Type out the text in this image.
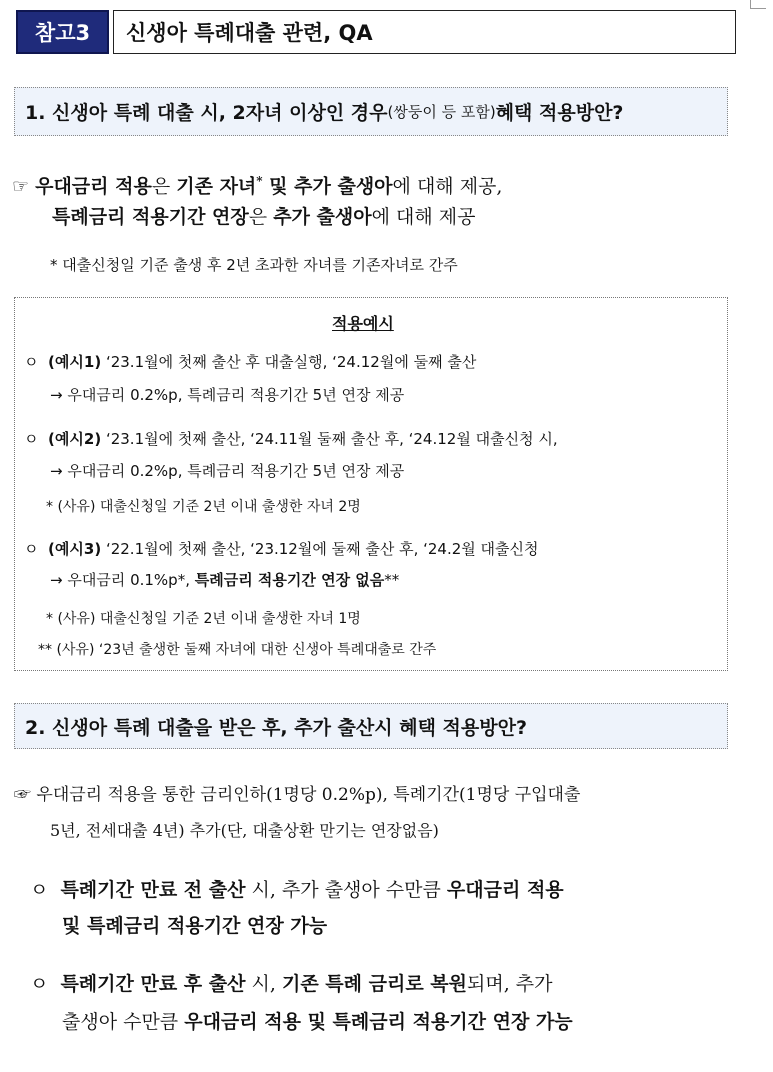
참고3	신생아 특례대출 관련, QA
1. 신생아 특례 대출 시, 2자녀 이상인 경우 (쌍둥이 등 포함) 혜택 적용방안?
☞ 우대금리 적용은 기존 자녀* 및 추가 출생아에 대해 제공,
특례금리 적용기간 연장은 추가 출생아에 대해 제공
* 대출신청일 기준 출생 후 2년 초과한 자녀를 기존자녀로 간주
적용예시
ㅇ (예시1) ‘23.1월에 첫째 출산 후 대출실행, ‘24.12월에 둘째 출산
→ 우대금리 0.2%p, 특례금리 적용기간 5년 연장 제공
ㅇ (예시2) ‘23.1월에 첫째 출산, ‘24.11월 둘째 출산 후, ‘24.12월 대출신청 시,
→ 우대금리 0.2%p, 특례금리 적용기간 5년 연장 제공
* (사유) 대출신청일 기준 2년 이내 출생한 자녀 2명
ㅇ (예시3) ‘22.1월에 첫째 출산, ‘23.12월에 둘째 출산 후, ‘24.2월 대출신청
→ 우대금리 0.1%p*, 특례금리 적용기간 연장 없음**
* (사유) 대출신청일 기준 2년 이내 출생한 자녀 1명
** (사유) ‘23년 출생한 둘째 자녀에 대한 신생아 특례대출로 간주
2. 신생아 특례 대출을 받은 후, 추가 출산시 혜택 적용방안?
☞ 우대금리 적용을 통한 금리인하(1명당 0.2%p), 특례기간(1명당 구입대출
5년, 전세대출 4년) 추가(단, 대출상환 만기는 연장없음)
ㅇ 특례기간 만료 전 출산 시, 추가 출생아 수만큼 우대금리 적용
및 특례금리 적용기간 연장 가능
ㅇ 특례기간 만료 후 출산 시, 기존 특례 금리로 복원되며, 추가
출생아 수만큼 우대금리 적용 및 특례금리 적용기간 연장 가능
